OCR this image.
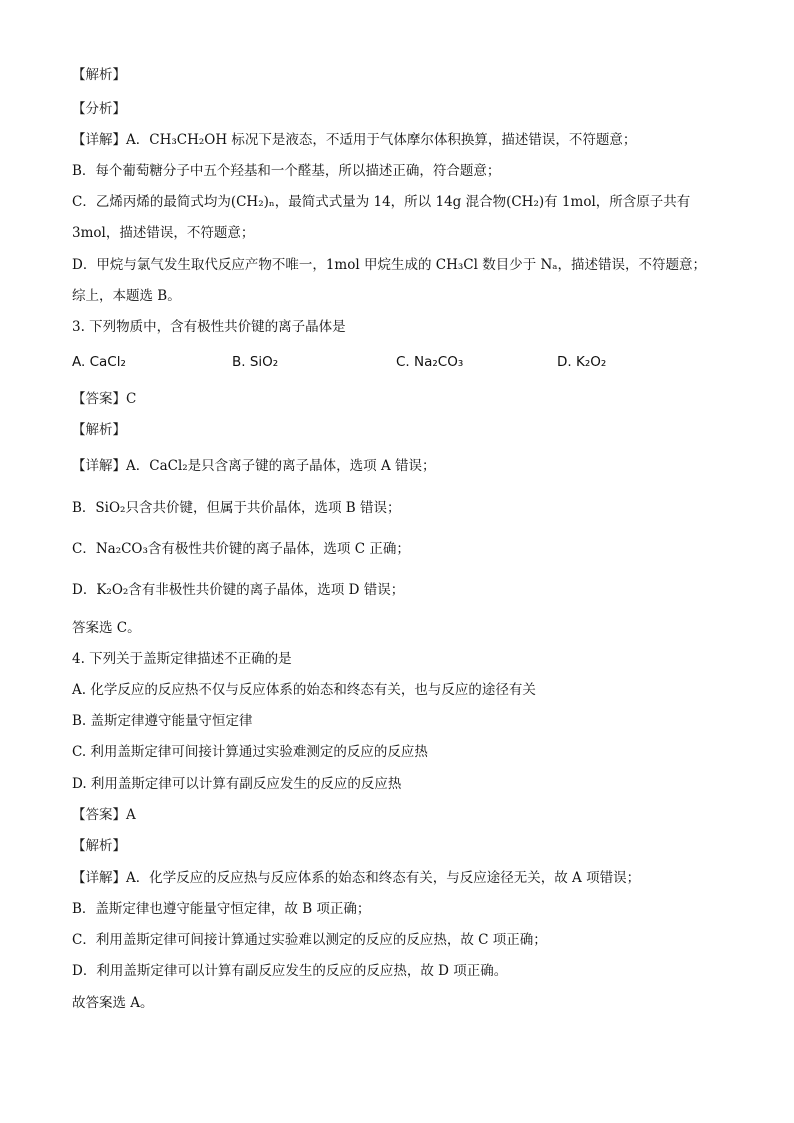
【解析】
【分析】
【详解】A．CH₃CH₂OH 标况下是液态，不适用于气体摩尔体积换算，描述错误，不符题意；
B．每个葡萄糖分子中五个羟基和一个醛基，所以描述正确，符合题意；
C．乙烯丙烯的最简式均为(CH₂)ₙ，最简式式量为 14，所以 14g 混合物(CH₂)有 1mol，所含原子共有
3mol，描述错误，不符题意；
D．甲烷与氯气发生取代反应产物不唯一，1mol 甲烷生成的 CH₃Cl 数目少于 Nₐ，描述错误，不符题意；
综上，本题选 B。
3. 下列物质中，含有极性共价键的离子晶体是
A. CaCl₂	B. SiO₂	C. Na₂CO₃	D. K₂O₂
【答案】C
【解析】
【详解】A．CaCl₂是只含离子键的离子晶体，选项 A 错误；
B．SiO₂只含共价键，但属于共价晶体，选项 B 错误；
C．Na₂CO₃含有极性共价键的离子晶体，选项 C 正确；
D．K₂O₂含有非极性共价键的离子晶体，选项 D 错误；
答案选 C。
4. 下列关于盖斯定律描述不正确的是
A. 化学反应的反应热不仅与反应体系的始态和终态有关，也与反应的途径有关
B. 盖斯定律遵守能量守恒定律
C. 利用盖斯定律可间接计算通过实验难测定的反应的反应热
D. 利用盖斯定律可以计算有副反应发生的反应的反应热
【答案】A
【解析】
【详解】A．化学反应的反应热与反应体系的始态和终态有关，与反应途径无关，故 A 项错误；
B．盖斯定律也遵守能量守恒定律，故 B 项正确；
C．利用盖斯定律可间接计算通过实验难以测定的反应的反应热，故 C 项正确；
D．利用盖斯定律可以计算有副反应发生的反应的反应热，故 D 项正确。
故答案选 A。
